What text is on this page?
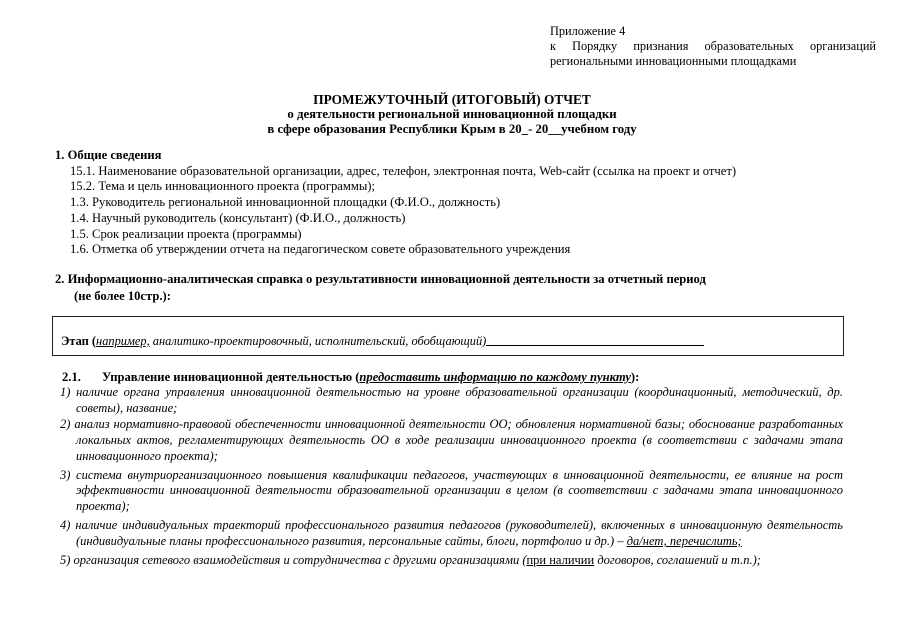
Приложение 4
к Порядку признания образовательных организаций
региональными инновационными площадками
ПРОМЕЖУТОЧНЫЙ (ИТОГОВЫЙ) ОТЧЕТ
о деятельности региональной инновационной площадки
в сфере образования Республики Крым в 20_- 20__учебном году
1. Общие сведения
15.1. Наименование образовательной организации, адрес, телефон, электронная почта, Web-сайт (ссылка на проект и отчет)
15.2. Тема и цель инновационного проекта (программы);
1.3. Руководитель региональной инновационной площадки (Ф.И.О., должность)
1.4. Научный руководитель (консультант) (Ф.И.О., должность)
1.5. Срок реализации проекта (программы)
1.6. Отметка об утверждении отчета на педагогическом совете образовательного учреждения
2. Информационно-аналитическая справка о результативности инновационной деятельности за отчетный период
(не более 10стр.):
Этап (например, аналитико-проектировочный, исполнительский, обобщающий)
2.1. Управление инновационной деятельностью (предоставить информацию по каждому пункту):
1) наличие органа управления инновационной деятельностью на уровне образовательной организации (координационный, методический, др. советы), название;
2) анализ нормативно-правовой обеспеченности инновационной деятельности ОО; обновления нормативной базы; обоснование разработанных локальных актов, регламентирующих деятельность ОО в ходе реализации инновационного проекта (в соответствии с задачами этапа инновационного проекта);
3) система внутриорганизационного повышения квалификации педагогов, участвующих в инновационной деятельности, ее влияние на рост эффективности инновационной деятельности образовательной организации в целом (в соответствии с задачами этапа инновационного проекта);
4) наличие индивидуальных траекторий профессионального развития педагогов (руководителей), включенных в инновационную деятельность (индивидуальные планы профессионального развития, персональные сайты, блоги, портфолио и др.) – да/нет, перечислить;
5) организация сетевого взаимодействия и сотрудничества с другими организациями (при наличии договоров, соглашений и т.п.);
